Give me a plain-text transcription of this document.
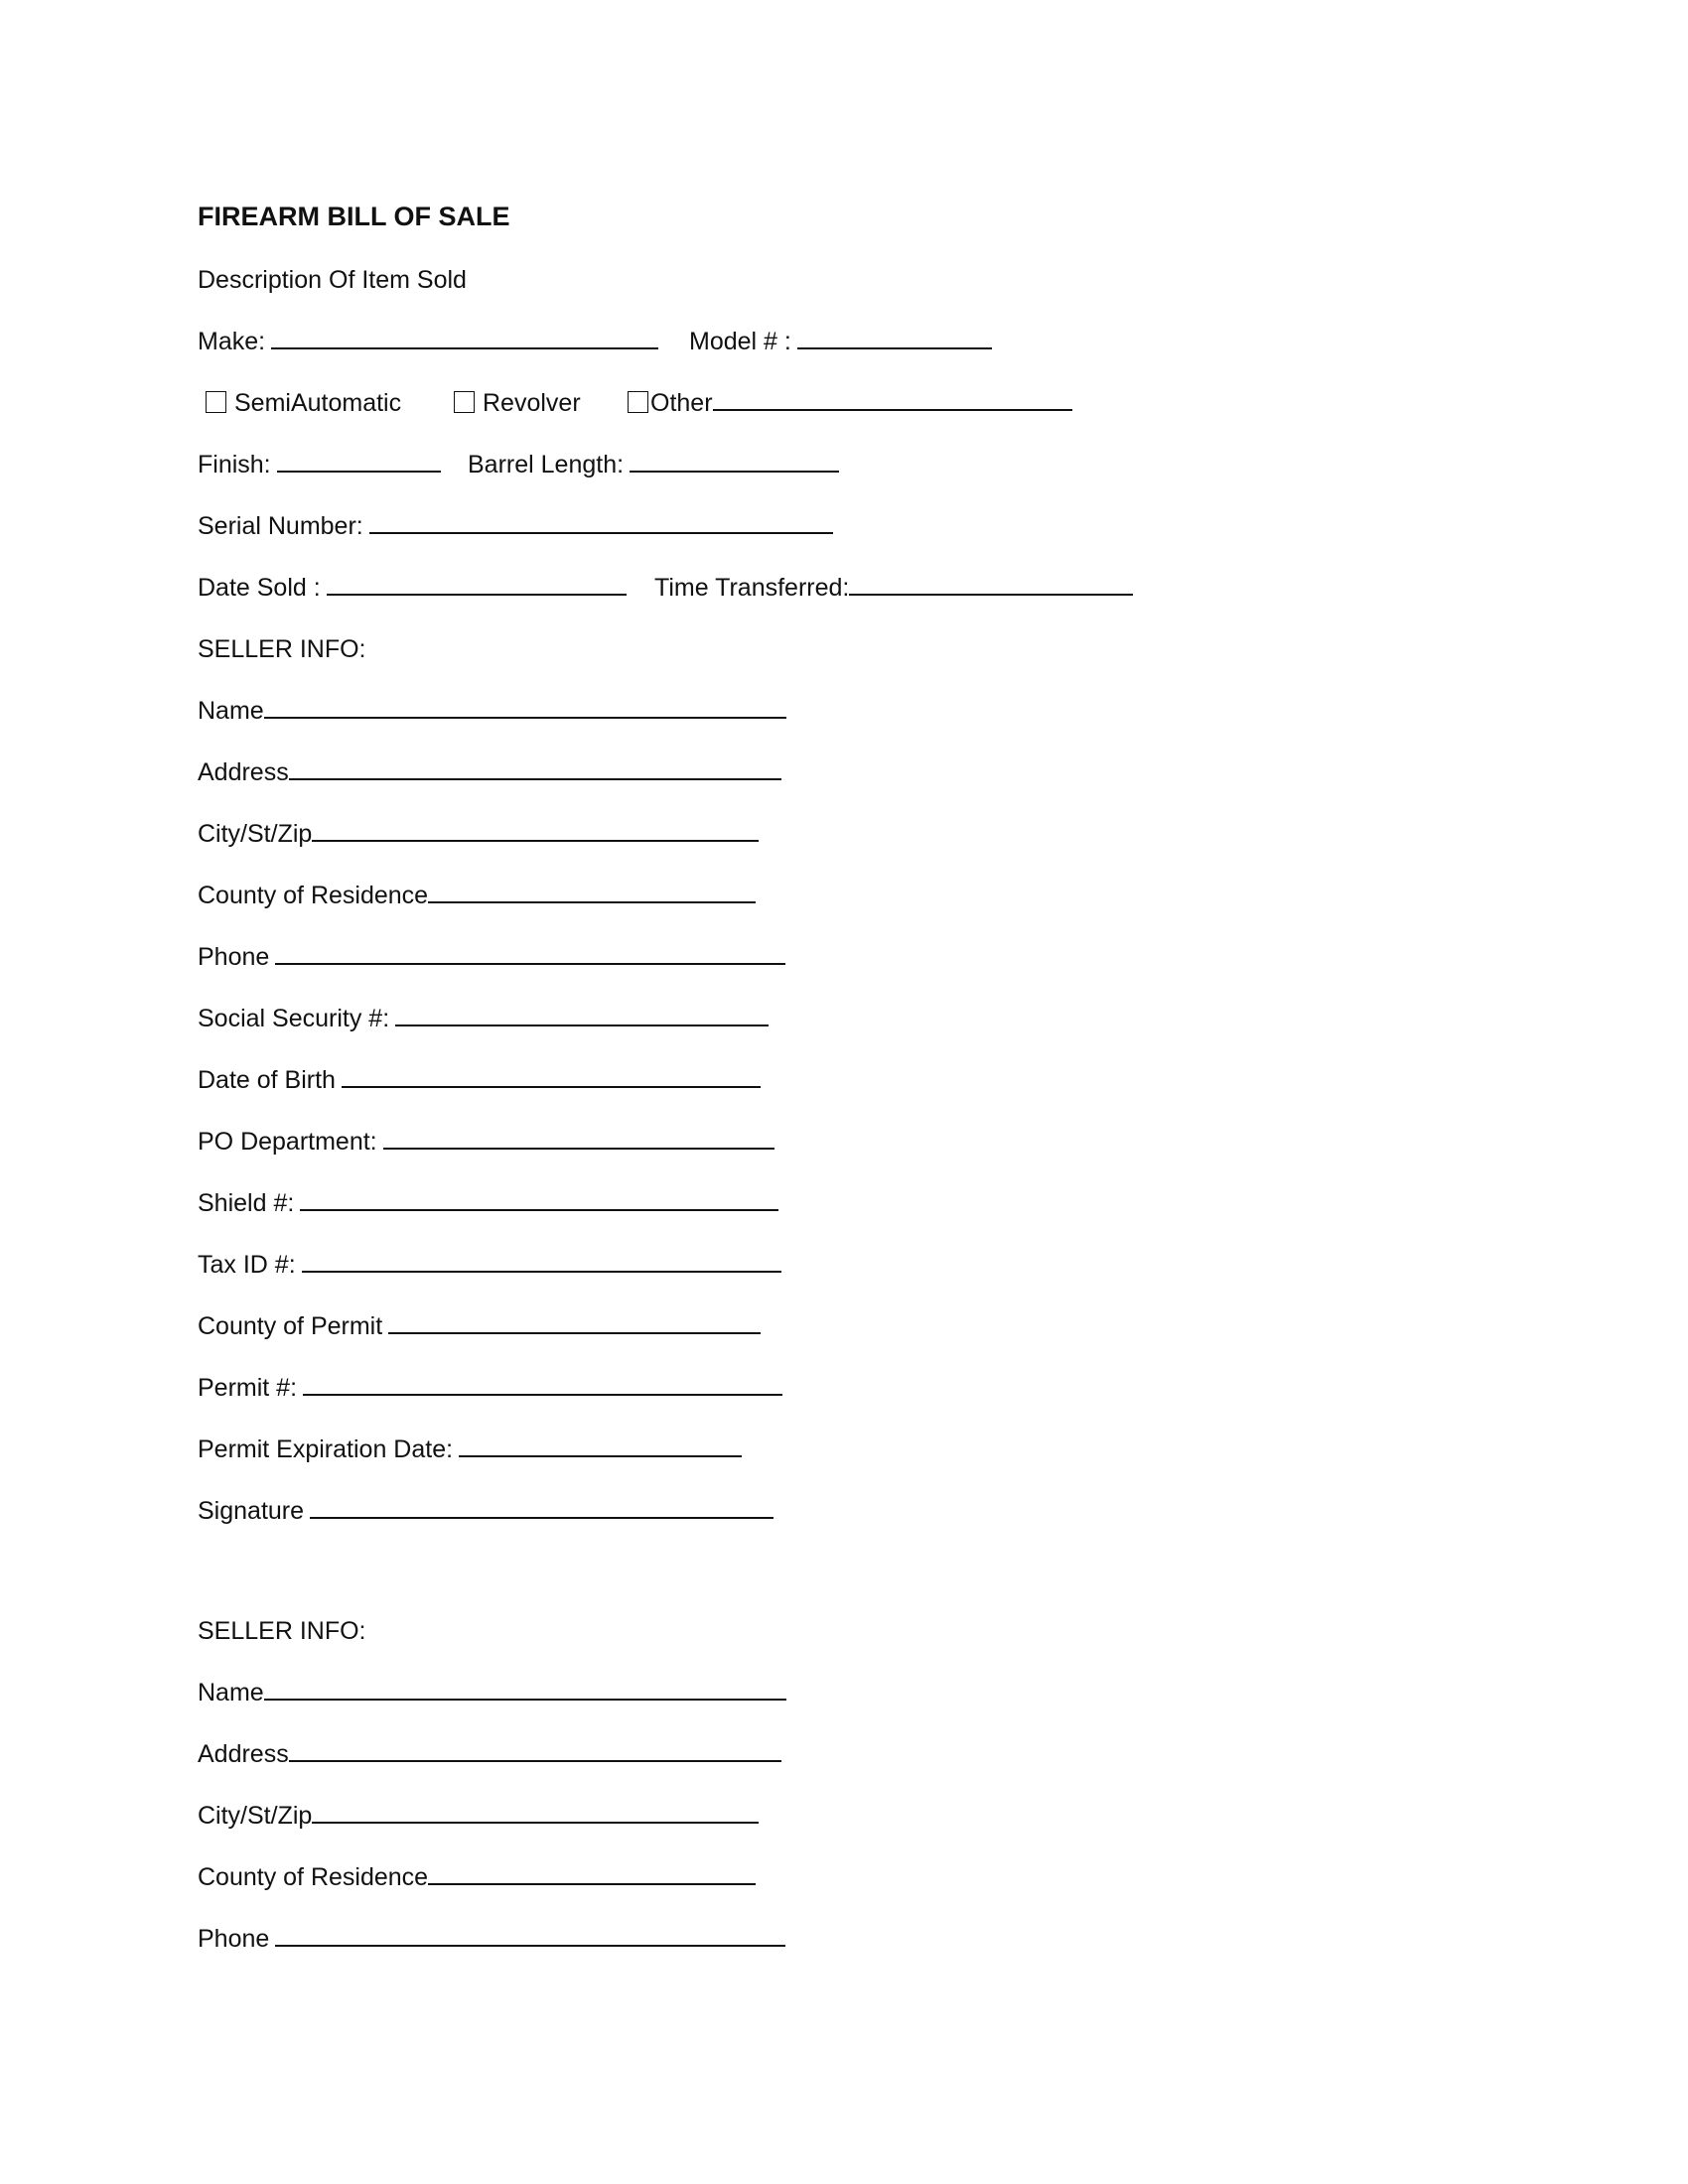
FIREARM BILL OF SALE
Description Of Item Sold
Make:	Model # :
SemiAutomatic	Revolver	Other
Finish:	Barrel Length:
Serial Number:
Date Sold :	Time Transferred:
SELLER INFO:
Name
Address
City/St/Zip
County of Residence
Phone
Social Security #:
Date of Birth
PO Department:
Shield #:
Tax ID #:
County of Permit
Permit #:
Permit Expiration Date:
Signature
SELLER INFO:
Name
Address
City/St/Zip
County of Residence
Phone
